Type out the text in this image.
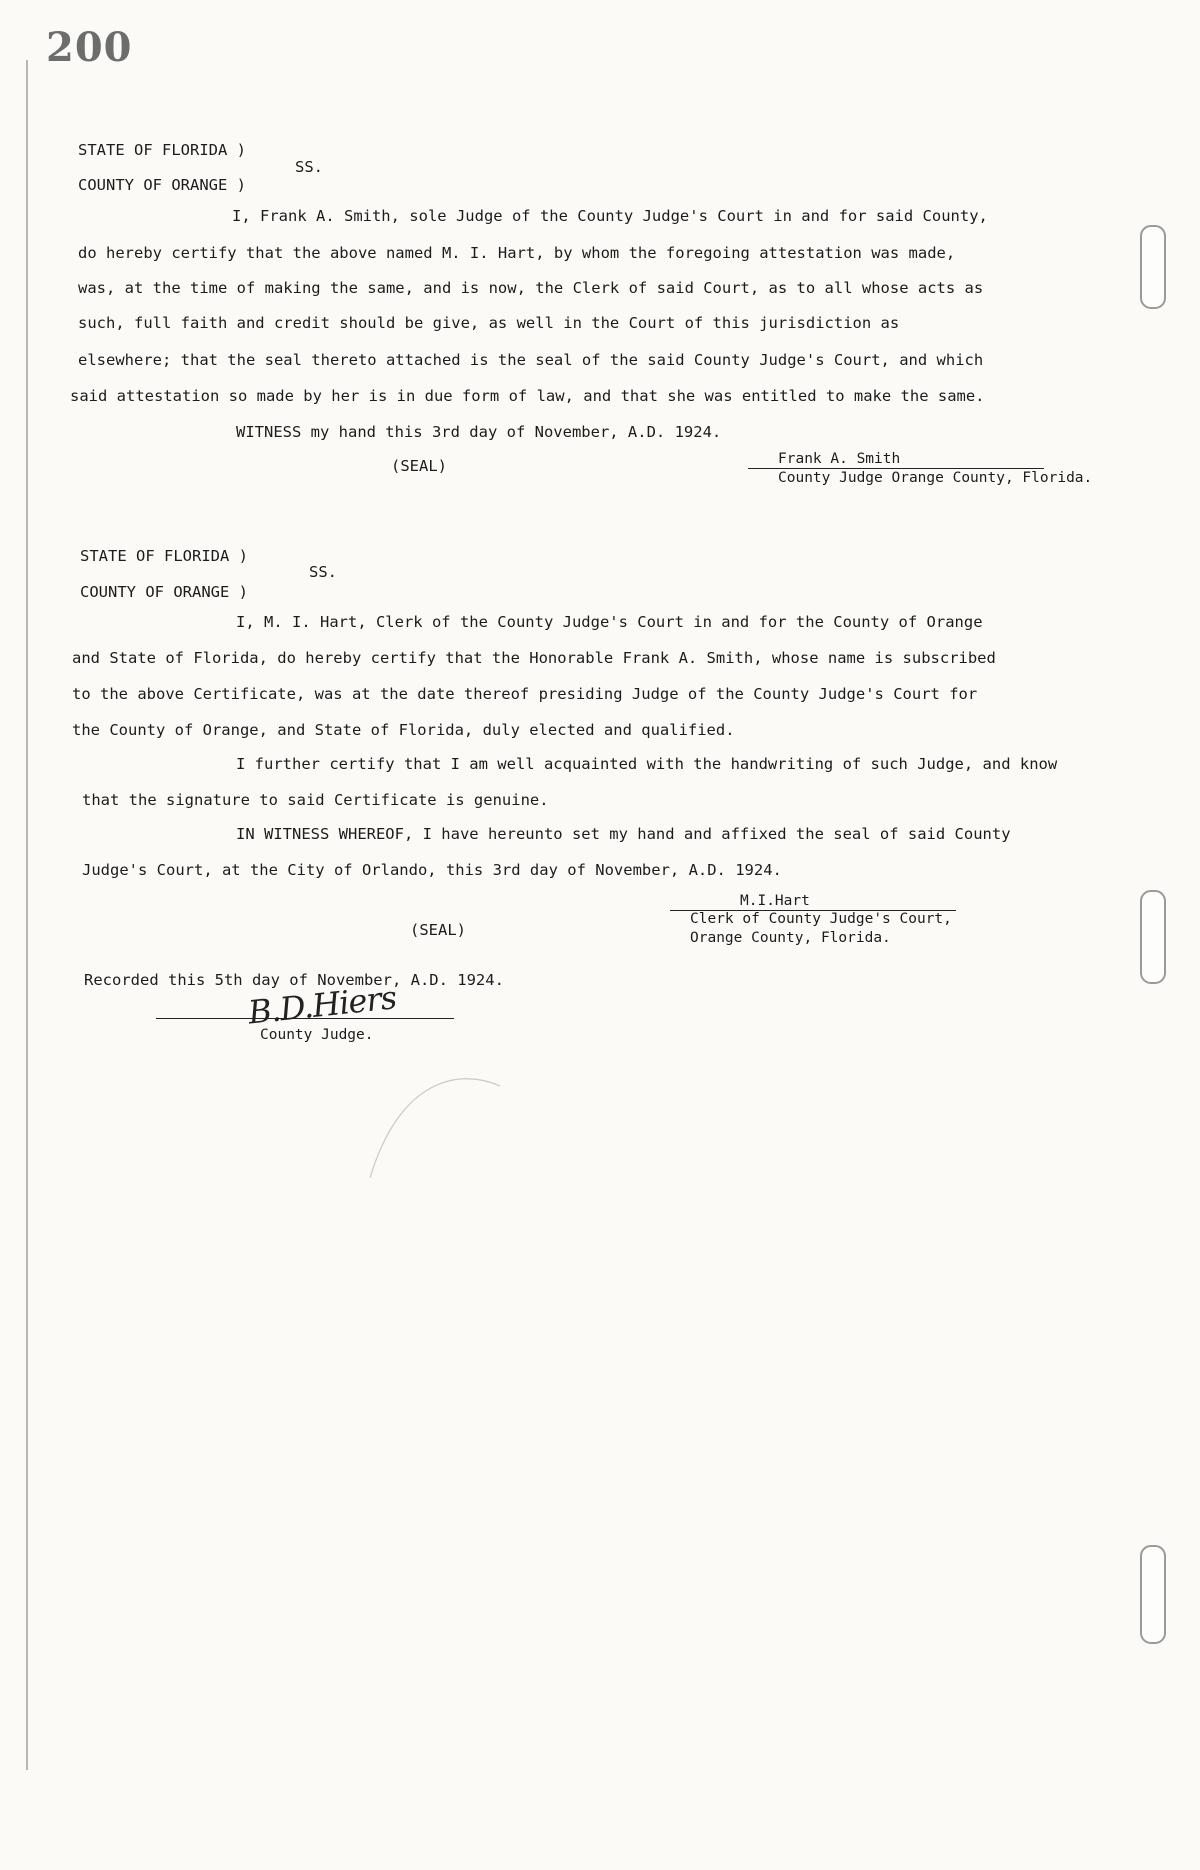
200
STATE OF FLORIDA )
SS.
COUNTY OF ORANGE )
I, Frank A. Smith, sole Judge of the County Judge's Court in and for said County,
do hereby certify that the above named M. I. Hart, by whom the foregoing attestation was made,
was, at the time of making the same, and is now, the Clerk of said Court, as to all whose acts as
such, full faith and credit should be give, as well in the Court of this jurisdiction as
elsewhere; that the seal thereto attached is the seal of the said County Judge's Court, and which
said attestation so made by her is in due form of law, and that she was entitled to make the same.
WITNESS my hand this 3rd day of November, A.D. 1924.
(SEAL)	Frank A. Smith
County Judge Orange County, Florida.
STATE OF FLORIDA )
SS.
COUNTY OF ORANGE )
I, M. I. Hart, Clerk of the County Judge's Court in and for the County of Orange
and State of Florida, do hereby certify that the Honorable Frank A. Smith, whose name is subscribed
to the above Certificate, was at the date thereof presiding Judge of the County Judge's Court for
the County of Orange, and State of Florida, duly elected and qualified.
I further certify that I am well acquainted with the handwriting of such Judge, and know
that the signature to said Certificate is genuine.
IN WITNESS WHEREOF, I have hereunto set my hand and affixed the seal of said County
Judge's Court, at the City of Orlando, this 3rd day of November, A.D. 1924.
(SEAL)
M.I.Hart
Clerk of County Judge's Court,
Orange County, Florida.
Recorded this 5th day of November, A.D. 1924.
B.D.Hiers
County Judge.
